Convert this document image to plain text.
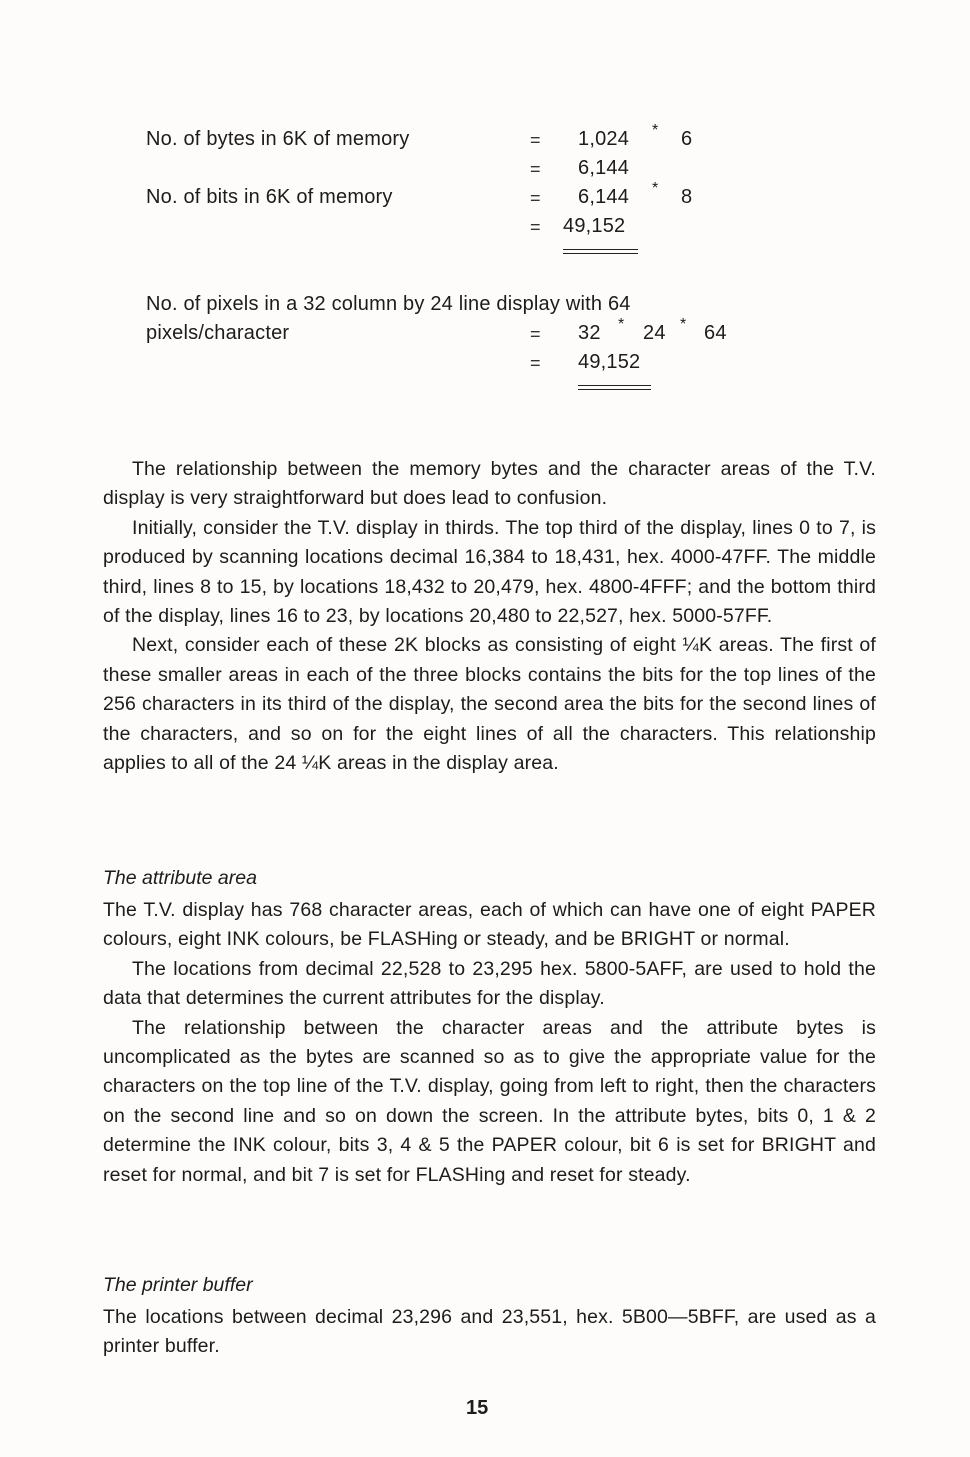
No. of bytes in 6K of memory	= 1,024 * 6
= 6,144
No. of bits in 6K of memory	= 6,144 * 8
= 49,152
No. of pixels in a 32 column by 24 line display with 64
pixels/character	= 32 * 24 * 64
= 49,152

The relationship between the memory bytes and the character areas of the T.V. display is very straightforward but does lead to confusion.

Initially, consider the T.V. display in thirds. The top third of the display, lines 0 to 7, is produced by scanning locations decimal 16,384 to 18,431, hex. 4000-47FF. The middle third, lines 8 to 15, by locations 18,432 to 20,479, hex. 4800-4FFF; and the bottom third of the display, lines 16 to 23, by locations 20,480 to 22,527, hex. 5000-57FF.

Next, consider each of these 2K blocks as consisting of eight ¼K areas. The first of these smaller areas in each of the three blocks contains the bits for the top lines of the 256 characters in its third of the display, the second area the bits for the second lines of the characters, and so on for the eight lines of all the characters. This relationship applies to all of the 24 ¼K areas in the display area.

The attribute area

The T.V. display has 768 character areas, each of which can have one of eight PAPER colours, eight INK colours, be FLASHing or steady, and be BRIGHT or normal.

The locations from decimal 22,528 to 23,295 hex. 5800-5AFF, are used to hold the data that determines the current attributes for the display.

The relationship between the character areas and the attribute bytes is uncomplicated as the bytes are scanned so as to give the appropriate value for the characters on the top line of the T.V. display, going from left to right, then the characters on the second line and so on down the screen. In the attribute bytes, bits 0, 1 & 2 determine the INK colour, bits 3, 4 & 5 the PAPER colour, bit 6 is set for BRIGHT and reset for normal, and bit 7 is set for FLASHing and reset for steady.

The printer buffer

The locations between decimal 23,296 and 23,551, hex. 5B00—5BFF, are used as a printer buffer.

15
